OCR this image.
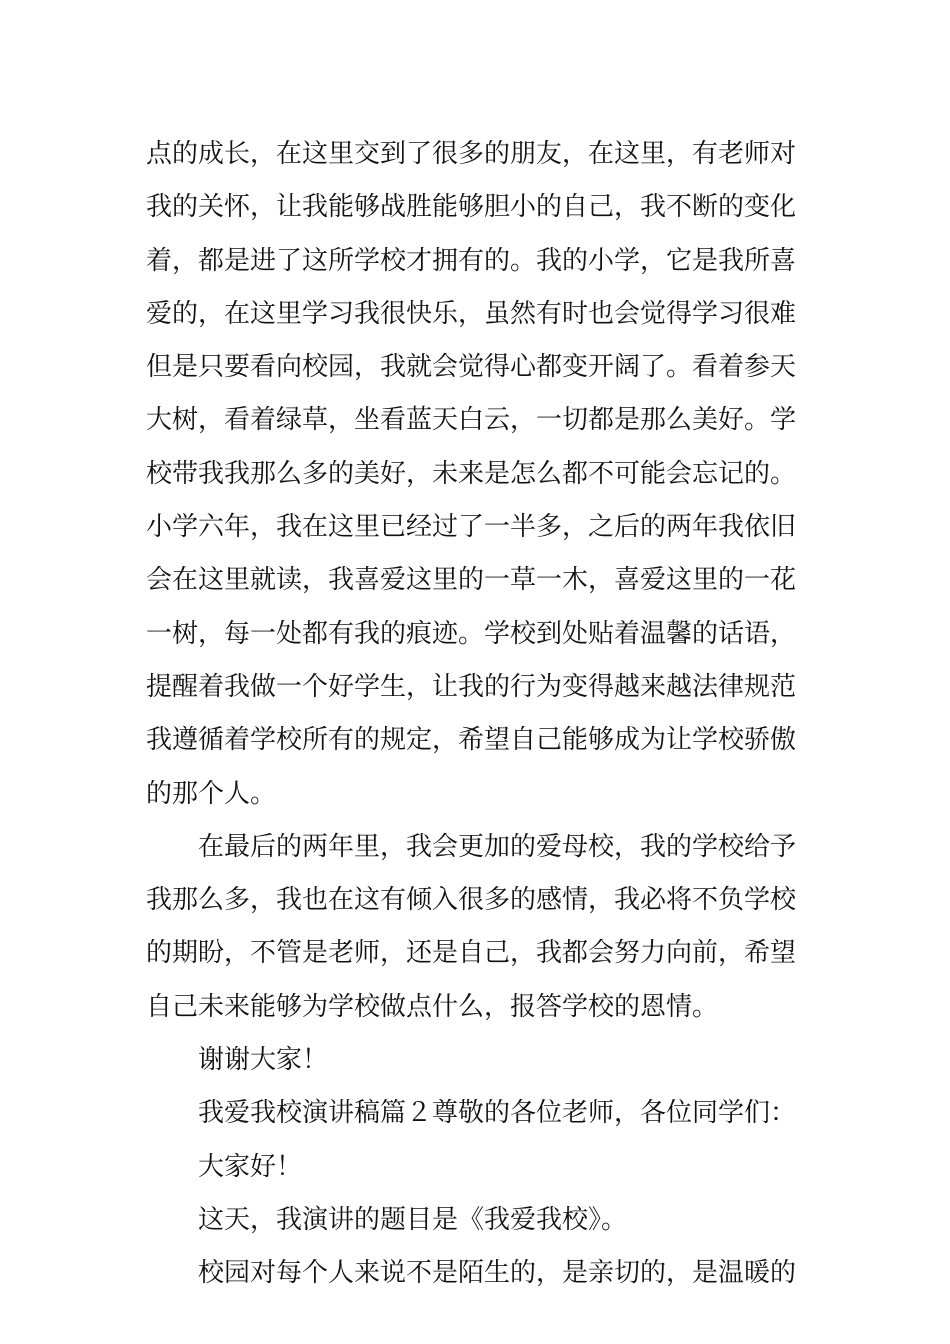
点的成长，在这里交到了很多的朋友，在这里，有老师对
我的关怀，让我能够战胜能够胆小的自己，我不断的变化
着，都是进了这所学校才拥有的。我的小学，它是我所喜
爱的，在这里学习我很快乐，虽然有时也会觉得学习很难
但是只要看向校园，我就会觉得心都变开阔了。看着参天
大树，看着绿草，坐看蓝天白云，一切都是那么美好。学
校带我我那么多的美好，未来是怎么都不可能会忘记的。
小学六年，我在这里已经过了一半多，之后的两年我依旧
会在这里就读，我喜爱这里的一草一木，喜爱这里的一花
一树，每一处都有我的痕迹。学校到处贴着温馨的话语，
提醒着我做一个好学生，让我的行为变得越来越法律规范
我遵循着学校所有的规定，希望自己能够成为让学校骄傲
的那个人。
在最后的两年里，我会更加的爱母校，我的学校给予
我那么多，我也在这有倾入很多的感情，我必将不负学校
的期盼，不管是老师，还是自己，我都会努力向前，希望
自己未来能够为学校做点什么，报答学校的恩情。
谢谢大家！
我爱我校演讲稿篇２尊敬的各位老师，各位同学们：
大家好！
这天，我演讲的题目是《我爱我校》。
校园对每个人来说不是陌生的，是亲切的，是温暖的
